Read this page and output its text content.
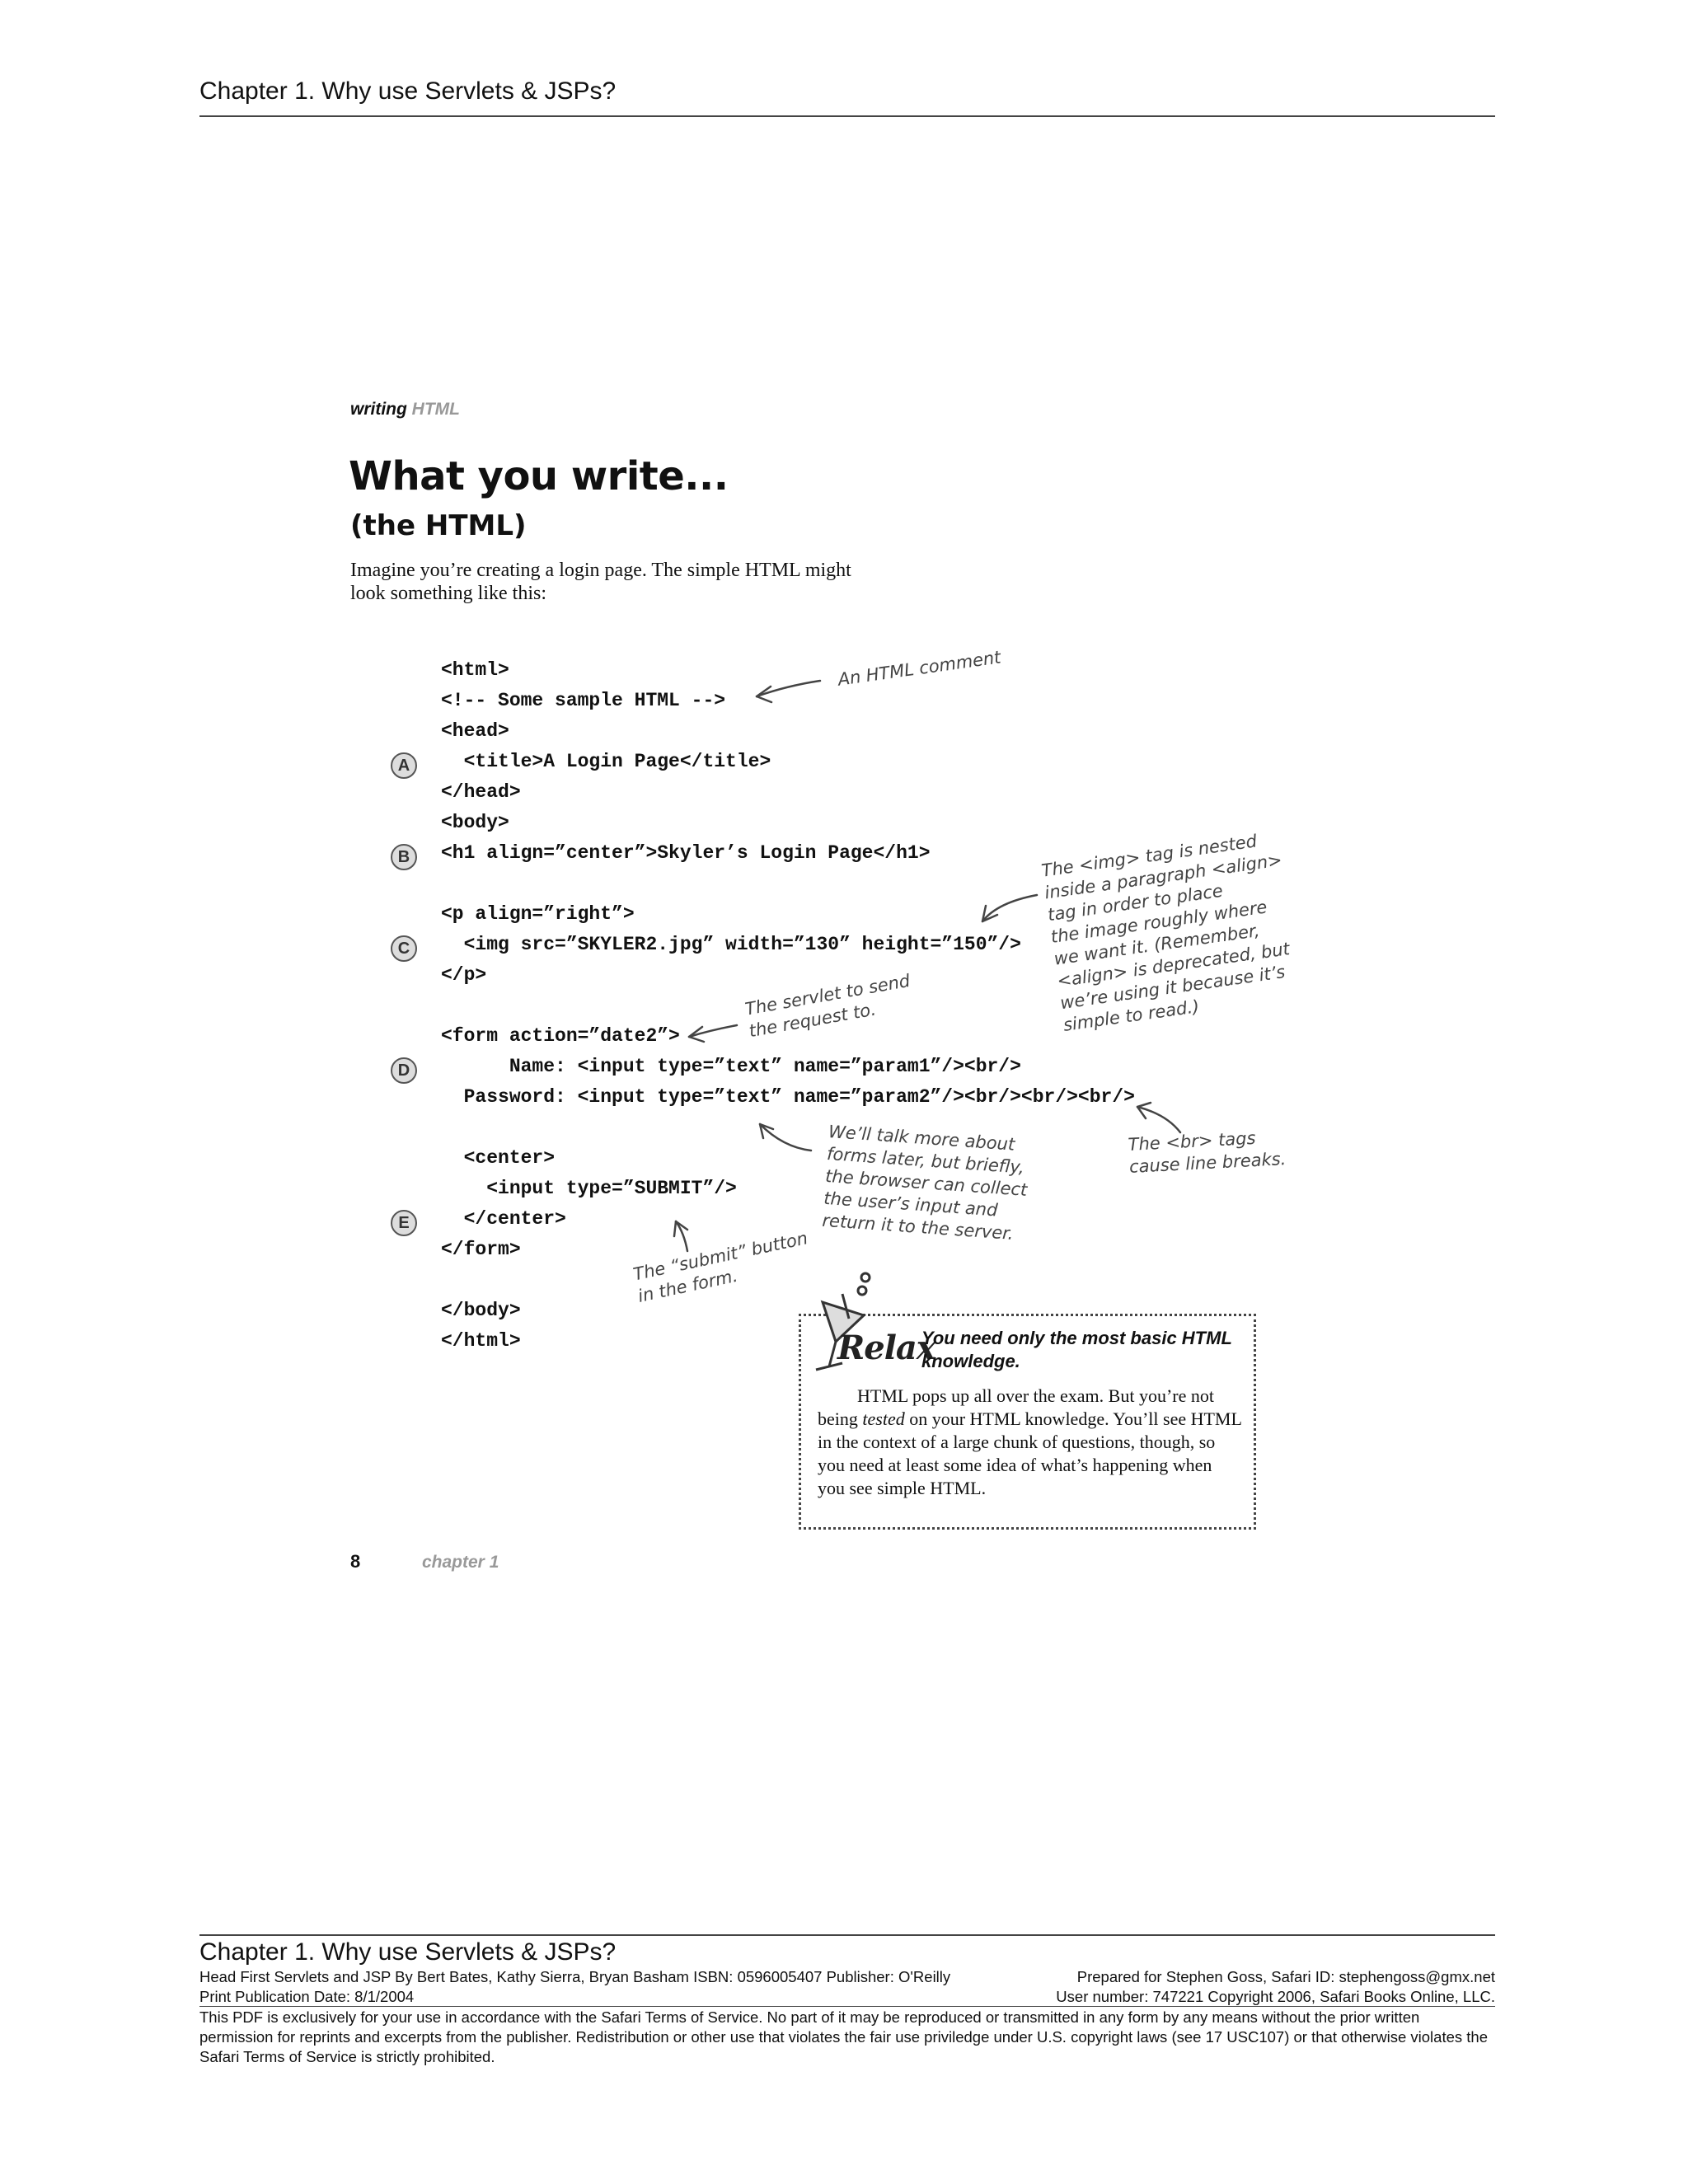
Chapter 1. Why use Servlets & JSPs?
writing HTML
What you write...
(the HTML)
Imagine you’re creating a login page. The simple HTML might look something like this:
<html>
<!-- Some sample HTML -->
<head>
<title>A Login Page</title>
</head>
<body>
<h1 align=”center”>Skyler’s Login Page</h1>
<p align=”right”>
<img src=”SKYLER2.jpg” width=”130” height=”150”/>
</p>
<form action=”date2”>
Name: <input type=”text” name=”param1”/><br/>
Password: <input type=”text” name=”param2”/><br/><br/><br/>
<center>
<input type=”SUBMIT”/>
</center>
</form>
</body>
</html>
A
B
C
D
E
An HTML comment
The <img> tag is nested
inside a paragraph <align>
tag in order to place
the image roughly where
we want it. (Remember,
<align> is deprecated, but
we’re using it because it’s
simple to read.)
The servlet to send
the request to.
The <br> tags
cause line breaks.
We’ll talk more about
forms later, but briefly,
the browser can collect
the user’s input and
return it to the server.
The “submit” button
in the form.
Relax
You need only the most basic HTML knowledge.
HTML pops up all over the exam. But you’re not being tested on your HTML knowledge. You’ll see HTML in the context of a large chunk of questions, though, so you need at least some idea of what’s happening when you see simple HTML.
8	chapter 1
Chapter 1. Why use Servlets & JSPs?
Head First Servlets and JSP By Bert Bates, Kathy Sierra, Bryan Basham ISBN: 0596005407 Publisher: O'Reilly	Prepared for Stephen Goss, Safari ID: stephengoss@gmx.net
Print Publication Date: 8/1/2004	User number: 747221 Copyright 2006, Safari Books Online, LLC.
This PDF is exclusively for your use in accordance with the Safari Terms of Service. No part of it may be reproduced or transmitted in any form by any means without the prior written permission for reprints and excerpts from the publisher. Redistribution or other use that violates the fair use priviledge under U.S. copyright laws (see 17 USC107) or that otherwise violates the Safari Terms of Service is strictly prohibited.
